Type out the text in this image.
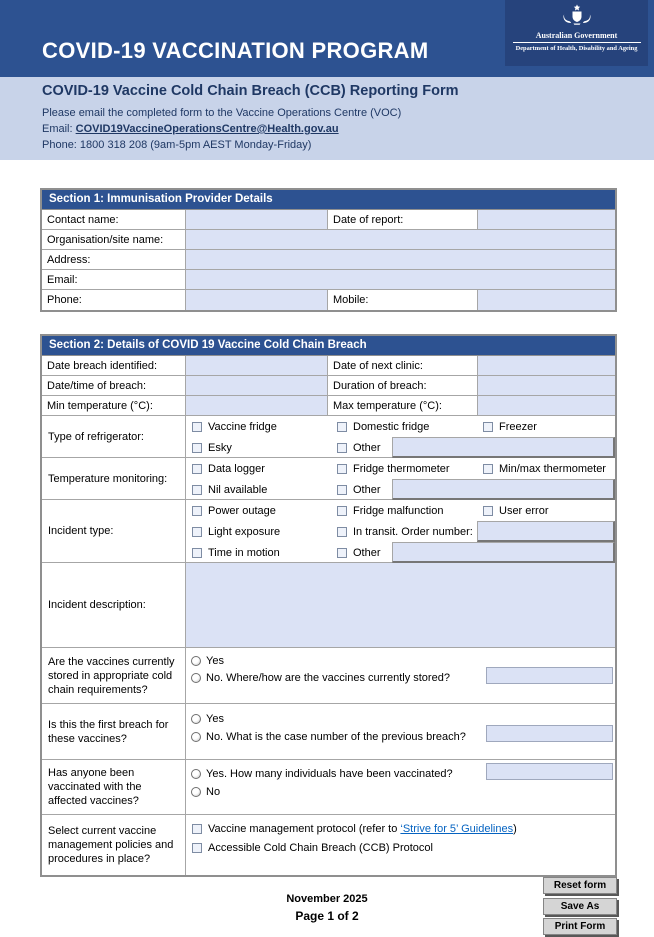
COVID-19 VACCINATION PROGRAM
Australian Government
Department of Health, Disability and Ageing
COVID-19 Vaccine Cold Chain Breach (CCB) Reporting Form
Please email the completed form to the Vaccine Operations Centre (VOC)
Email: COVID19VaccineOperationsCentre@Health.gov.au
Phone: 1800 318 208 (9am-5pm AEST Monday-Friday)
Section 1: Immunisation Provider Details
Contact name:	Date of report:
Organisation/site name:
Address:
Email:
Phone:	Mobile:
Section 2: Details of COVID 19 Vaccine Cold Chain Breach
Date breach identified:	Date of next clinic:
Date/time of breach:	Duration of breach:
Min temperature (°C):	Max temperature (°C):
Type of refrigerator:
Vaccine fridge	Domestic fridge	Freezer
Esky	Other
Temperature monitoring:
Data logger	Fridge thermometer	Min/max thermometer
Nil available	Other
Incident type:
Power outage	Fridge malfunction	User error
Light exposure	In transit. Order number:
Time in motion	Other
Incident description:
Are the vaccines currently stored in appropriate cold chain requirements?
Yes
No. Where/how are the vaccines currently stored?
Is this the first breach for these vaccines?
Yes
No. What is the case number of the previous breach?
Has anyone been vaccinated with the affected vaccines?
Yes. How many individuals have been vaccinated?
No
Select current vaccine management policies and procedures in place?
Vaccine management protocol (refer to ‘Strive for 5’ Guidelines)
Accessible Cold Chain Breach (CCB) Protocol
November 2025
Page 1 of 2
Reset form
Save As
Print Form
